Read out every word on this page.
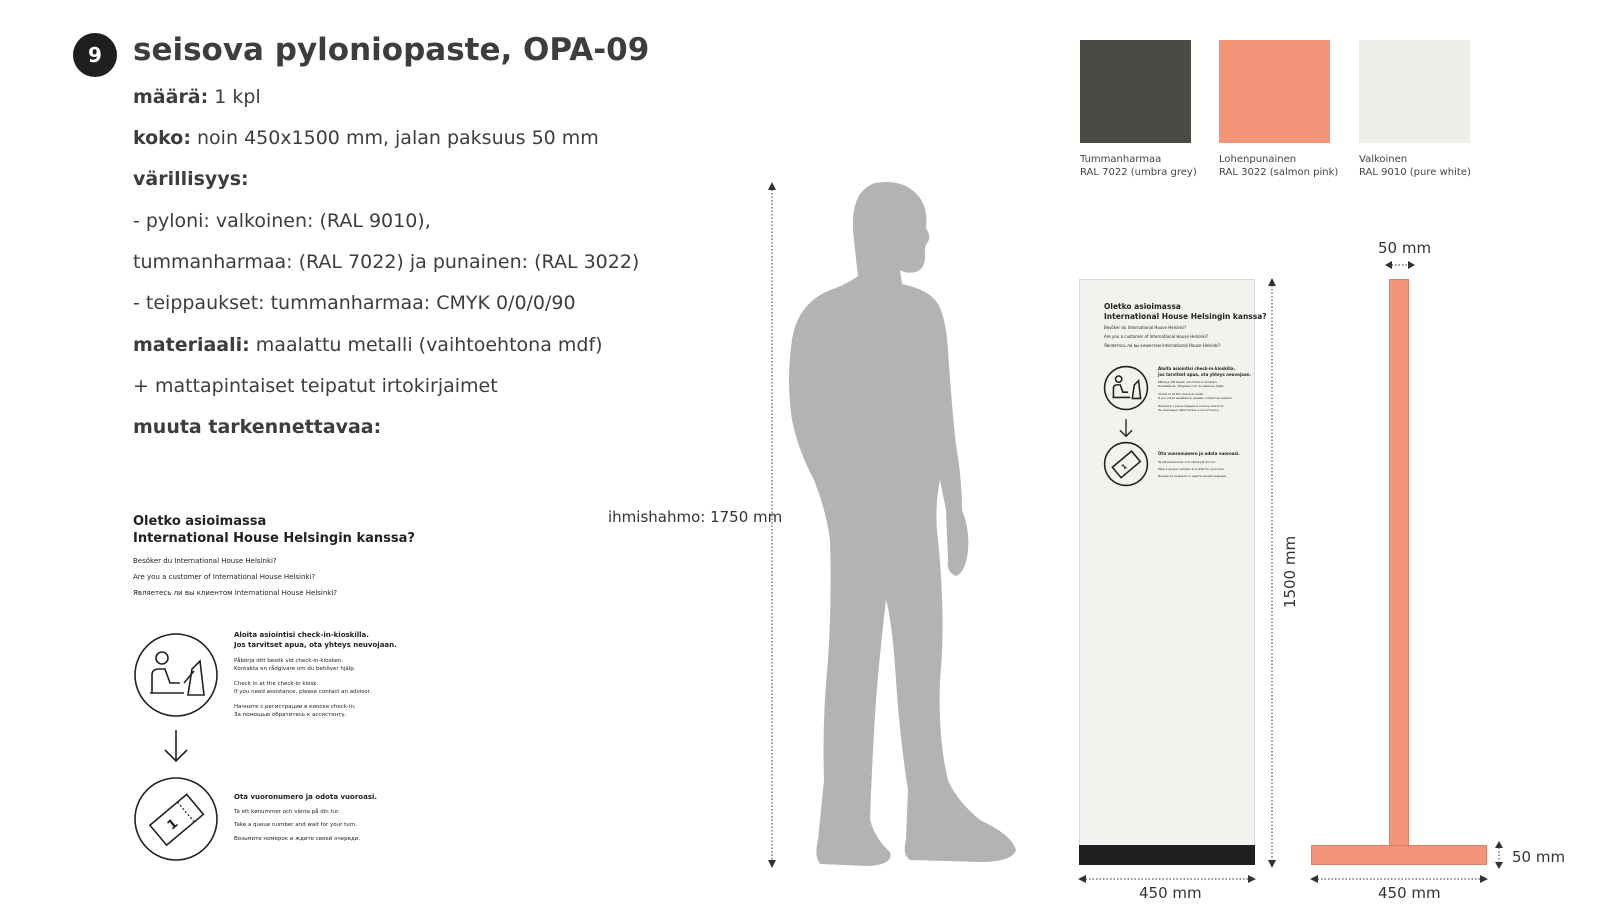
9	seisova pyloniopaste, OPA-09
määrä: 1 kpl
koko: noin 450x1500 mm, jalan paksuus 50 mm
värillisyys:
- pyloni: valkoinen: (RAL 9010),
tummanharmaa: (RAL 7022) ja punainen: (RAL 3022)
- teippaukset: tummanharmaa: CMYK 0/0/0/90
materiaali: maalattu metalli (vaihtoehtona mdf)
+ mattapintaiset teipatut irtokirjaimet
muuta tarkennettavaa:
Tummanharmaa
RAL 7022 (umbra grey)
Lohenpunainen
RAL 3022 (salmon pink)
Valkoinen
RAL 9010 (pure white)
Oletko asioimassa
International House Helsingin kanssa?
Besöker du International House Helsinki?
Are you a customer of International House Helsinki?
Являетесь ли вы клиентом International House Helsinki?
Aloita asiointisi check-in-kioskilla.
Jos tarvitset apua, ota yhteys neuvojaan.
Påbörja ditt besök vid check-in-kiosken.
Kontakta en rådgivare om du behöver hjälp.
Check in at the check-in kiosk.
If you need assistance, please contact an advisor.
Начните с регистрации в киоске check-in.
За помощью обратитесь к ассистенту.
1
Ota vuoronumero ja odota vuoroasi.
Ta ett kønummer och vänta på din tur.
Take a queue number and wait for your turn.
Возьмите номерок и ждите своей очереди.
ihmishahmo: 1750 mm
Oletko asioimassa
International House Helsingin kanssa?
Besöker du International House Helsinki?
Are you a customer of International House Helsinki?
Являетесь ли вы клиентом International House Helsinki?
Aloita asiointisi check-in-kioskilla.
Jos tarvitset apua, ota yhteys neuvojaan.
Påbörja ditt besök vid check-in-kiosken.
Kontakta en rådgivare om du behöver hjälp.
Check in at the check-in kiosk.
If you need assistance, please contact an advisor.
Начните с регистрации в киоске check-in.
За помощью обратитесь к ассистенту.
1
Ota vuoronumero ja odota vuoroasi.
Ta ett kønummer och vänta på din tur.
Take a queue number and wait for your turn.
Возьмите номерок и ждите своей очереди.
1500 mm
450 mm
50 mm
50 mm
450 mm
